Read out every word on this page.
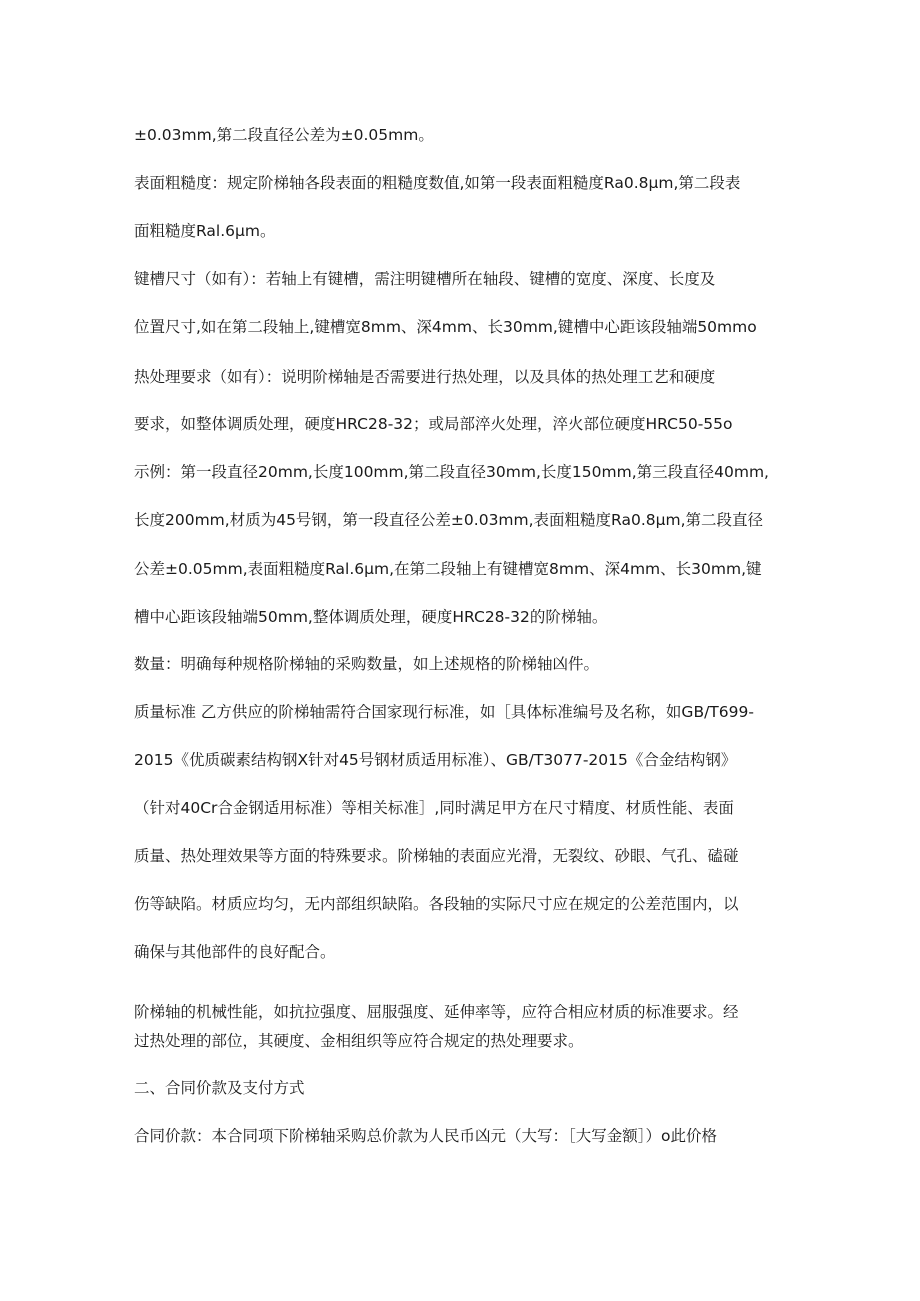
±0.03mm,第二段直径公差为±0.05mm。
表面粗糙度：规定阶梯轴各段表面的粗糙度数值,如第一段表面粗糙度Ra0.8μm,第二段表
面粗糙度Ral.6μm。
键槽尺寸（如有）：若轴上有键槽，需注明键槽所在轴段、键槽的宽度、深度、长度及
位置尺寸,如在第二段轴上,键槽宽8mm、深4mm、长30mm,键槽中心距该段轴端50mmo
热处理要求（如有）：说明阶梯轴是否需要进行热处理，以及具体的热处理工艺和硬度
要求，如整体调质处理，硬度HRC28-32；或局部淬火处理，淬火部位硬度HRC50-55o
示例：第一段直径20mm,长度100mm,第二段直径30mm,长度150mm,第三段直径40mm,
长度200mm,材质为45号钢，第一段直径公差±0.03mm,表面粗糙度Ra0.8μm,第二段直径
公差±0.05mm,表面粗糙度Ral.6μm,在第二段轴上有键槽宽8mm、深4mm、长30mm,键
槽中心距该段轴端50mm,整体调质处理，硬度HRC28-32的阶梯轴。
数量：明确每种规格阶梯轴的采购数量，如上述规格的阶梯轴凶件。
质量标准 乙方供应的阶梯轴需符合国家现行标准，如［具体标准编号及名称，如GB/T699-
2015《优质碳素结构钢X针对45号钢材质适用标准）、GB/T3077-2015《合金结构钢》
（针对40Cr合金钢适用标准）等相关标准］,同时满足甲方在尺寸精度、材质性能、表面
质量、热处理效果等方面的特殊要求。阶梯轴的表面应光滑，无裂纹、砂眼、气孔、磕碰
伤等缺陷。材质应均匀，无内部组织缺陷。各段轴的实际尺寸应在规定的公差范围内，以
确保与其他部件的良好配合。
阶梯轴的机械性能，如抗拉强度、屈服强度、延伸率等，应符合相应材质的标准要求。经
过热处理的部位，其硬度、金相组织等应符合规定的热处理要求。
二、合同价款及支付方式
合同价款：本合同项下阶梯轴采购总价款为人民币凶元（大写：［大写金额］）o此价格
